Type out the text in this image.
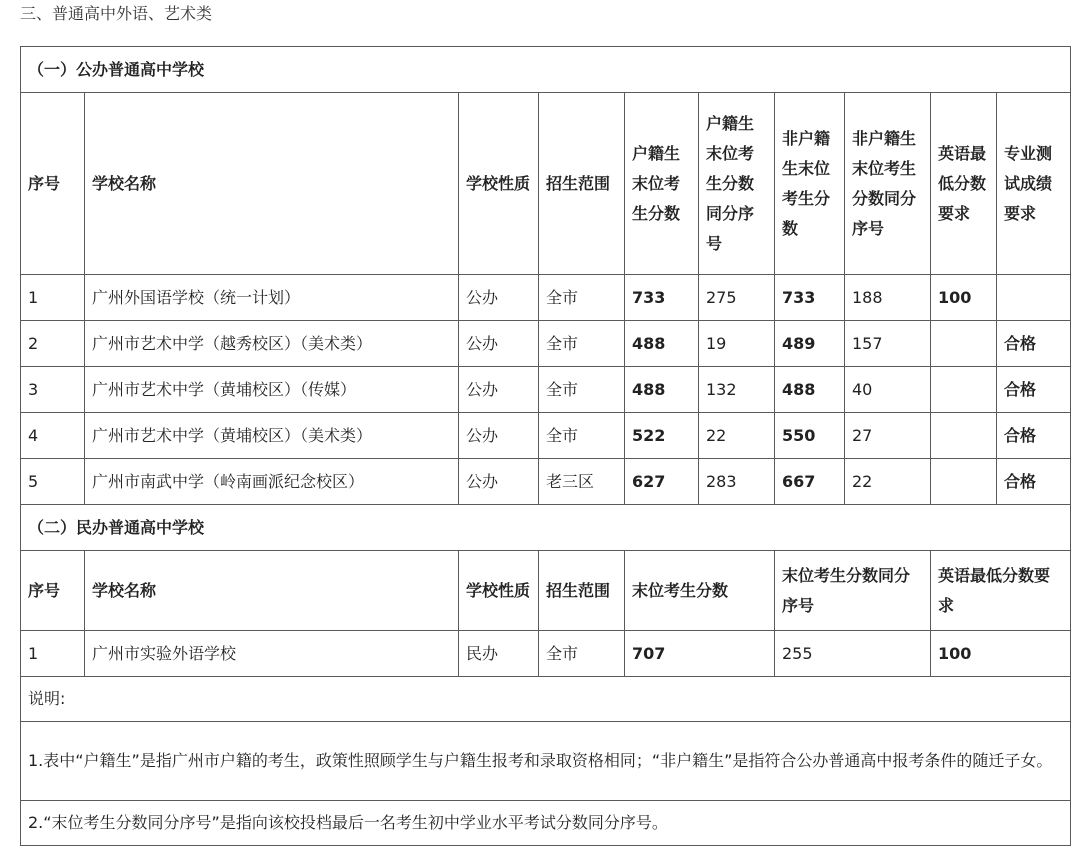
三、普通高中外语、艺术类
（一）公办普通高中学校									
序号	学校名称	学校性质	招生范围	户籍生末位考生分数	户籍生末位考生分数同分序号	非户籍生末位考生分数	非户籍生末位考生分数同分序号	英语最低分数要求	专业测试成绩要求
1	广州外国语学校（统一计划）	公办	全市	733	275	733	188	100	
2	广州市艺术中学（越秀校区）（美术类）	公办	全市	488	19	489	157		合格
3	广州市艺术中学（黄埔校区）（传媒）	公办	全市	488	132	488	40		合格
4	广州市艺术中学（黄埔校区）（美术类）	公办	全市	522	22	550	27		合格
5	广州市南武中学（岭南画派纪念校区）	公办	老三区	627	283	667	22		合格
（二）民办普通高中学校									
序号	学校名称	学校性质	招生范围	末位考生分数		末位考生分数同分序号		英语最低分数要求	
1	广州市实验外语学校	民办	全市	707		255		100	
说明:									
1.表中“户籍生”是指广州市户籍的考生，政策性照顾学生与户籍生报考和录取资格相同；“非户籍生”是指符合公办普通高中报考条件的随迁子女。									
2.“末位考生分数同分序号”是指向该校投档最后一名考生初中学业水平考试分数同分序号。									
